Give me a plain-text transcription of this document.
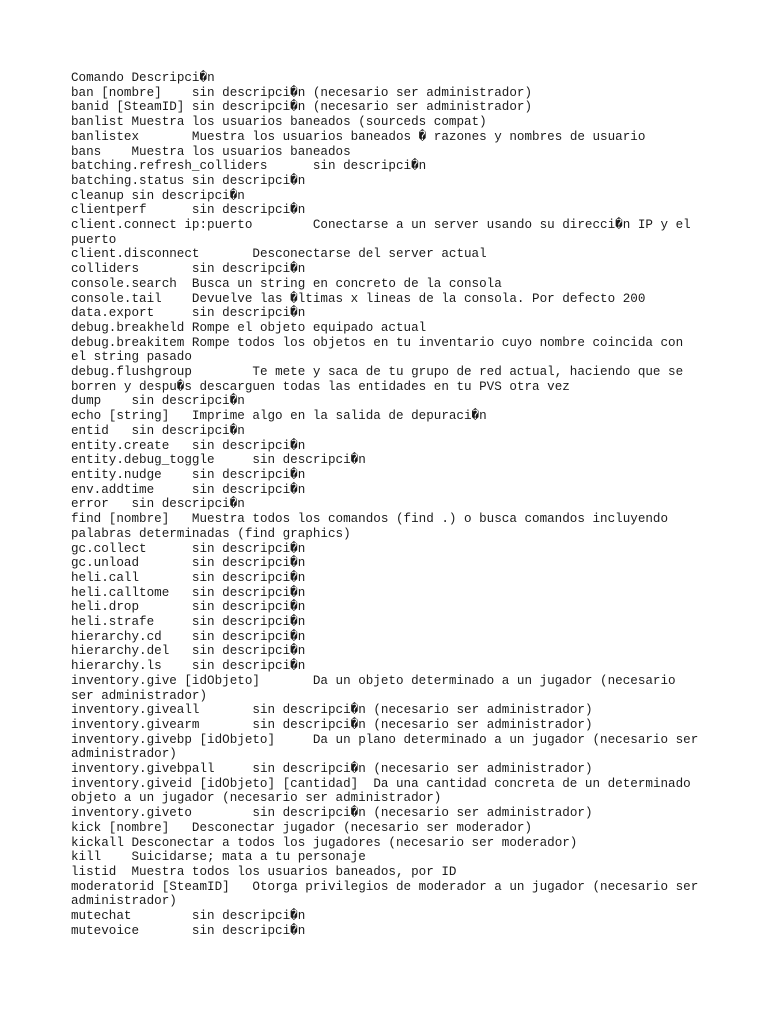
Comando	Descripci�n
ban [nombre]	sin descripci�n (necesario ser administrador)
banid [SteamID]	sin descripci�n (necesario ser administrador)
banlist	Muestra los usuarios baneados (sourceds compat)
banlistex	Muestra los usuarios baneados � razones y nombres de usuario
bans	Muestra los usuarios baneados
batching.refresh_colliders	sin descripci�n
batching.status	sin descripci�n
cleanup	sin descripci�n
clientperf	sin descripci�n
client.connect ip:puerto	Conectarse a un server usando su direcci�n IP y el puerto
client.disconnect	Desconectarse del server actual
colliders	sin descripci�n
console.search	Busca un string en concreto de la consola
console.tail	Devuelve las �ltimas x lineas de la consola. Por defecto 200
data.export	sin descripci�n
debug.breakheld	Rompe el objeto equipado actual
debug.breakitem	Rompe todos los objetos en tu inventario cuyo nombre coincida con el string pasado
debug.flushgroup	Te mete y saca de tu grupo de red actual, haciendo que se borren y despu�s descarguen todas las entidades en tu PVS otra vez
dump	sin descripci�n
echo [string]	Imprime algo en la salida de depuraci�n
entid	sin descripci�n
entity.create	sin descripci�n
entity.debug_toggle	sin descripci�n
entity.nudge	sin descripci�n
env.addtime	sin descripci�n
error	sin descripci�n
find [nombre]	Muestra todos los comandos (find .) o busca comandos incluyendo palabras determinadas (find graphics)
gc.collect	sin descripci�n
gc.unload	sin descripci�n
heli.call	sin descripci�n
heli.calltome	sin descripci�n
heli.drop	sin descripci�n
heli.strafe	sin descripci�n
hierarchy.cd	sin descripci�n
hierarchy.del	sin descripci�n
hierarchy.ls	sin descripci�n
inventory.give [idObjeto]	Da un objeto determinado a un jugador (necesario ser administrador)
inventory.giveall	sin descripci�n (necesario ser administrador)
inventory.givearm	sin descripci�n (necesario ser administrador)
inventory.givebp [idObjeto]	Da un plano determinado a un jugador (necesario ser administrador)
inventory.givebpall	sin descripci�n (necesario ser administrador)
inventory.giveid [idObjeto] [cantidad]	Da una cantidad concreta de un determinado objeto a un jugador (necesario ser administrador)
inventory.giveto	sin descripci�n (necesario ser administrador)
kick [nombre]	Desconectar jugador (necesario ser moderador)
kickall	Desconectar a todos los jugadores (necesario ser moderador)
kill	Suicidarse; mata a tu personaje
listid	Muestra todos los usuarios baneados, por ID
moderatorid [SteamID]	Otorga privilegios de moderador a un jugador (necesario ser administrador)
mutechat	sin descripci�n
mutevoice	sin descripci�n
